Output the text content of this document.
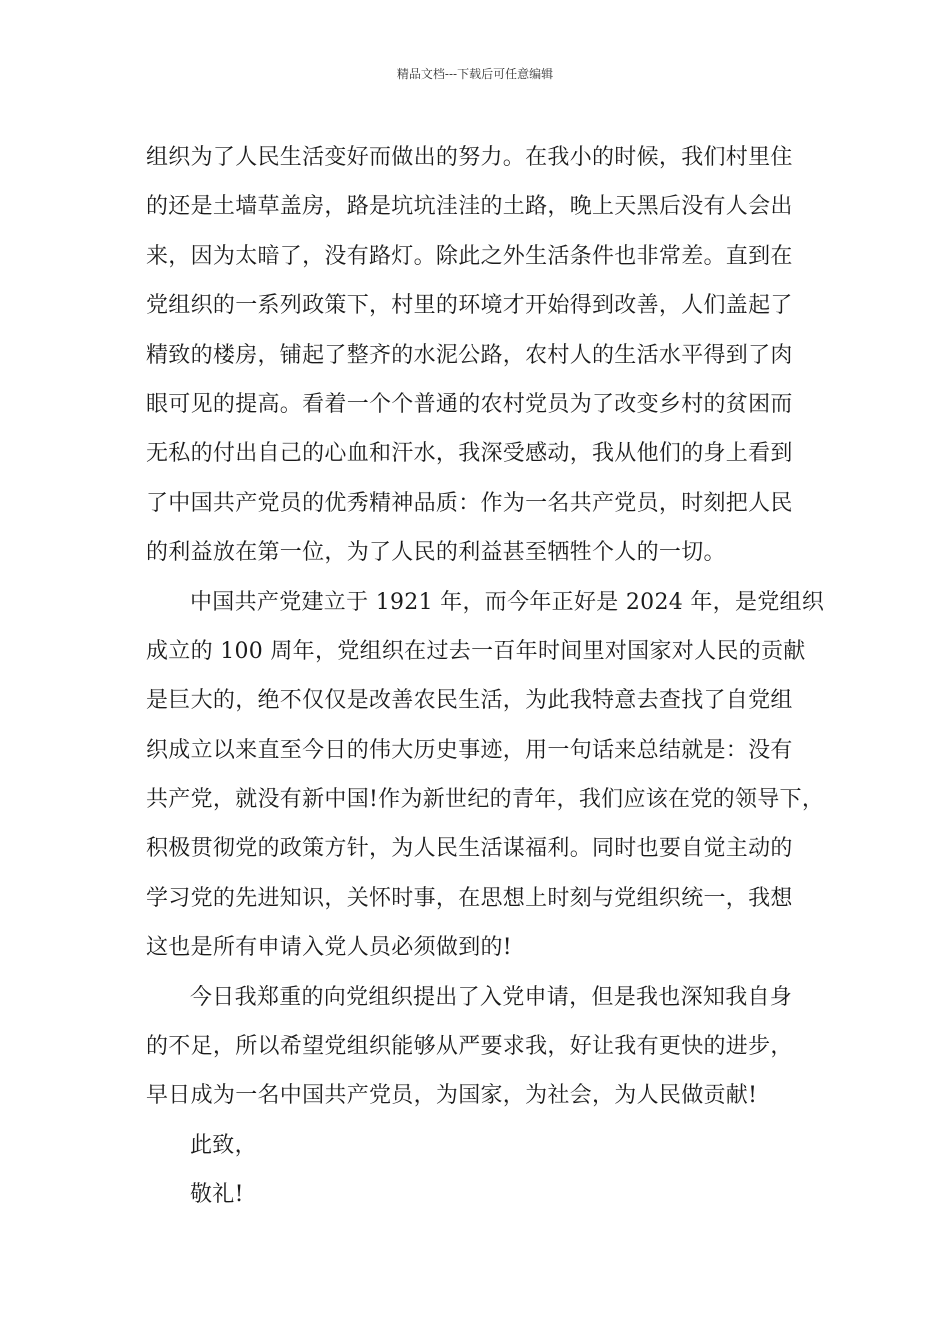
精品文档---下载后可任意编辑
组织为了人民生活变好而做出的努力。在我小的时候，我们村里住
的还是土墙草盖房，路是坑坑洼洼的土路，晚上天黑后没有人会出
来，因为太暗了，没有路灯。除此之外生活条件也非常差。直到在
党组织的一系列政策下，村里的环境才开始得到改善，人们盖起了
精致的楼房，铺起了整齐的水泥公路，农村人的生活水平得到了肉
眼可见的提高。看着一个个普通的农村党员为了改变乡村的贫困而
无私的付出自己的心血和汗水，我深受感动，我从他们的身上看到
了中国共产党员的优秀精神品质：作为一名共产党员，时刻把人民
的利益放在第一位，为了人民的利益甚至牺牲个人的一切。
中国共产党建立于 1921 年，而今年正好是 2024 年，是党组织
成立的 100 周年，党组织在过去一百年时间里对国家对人民的贡献
是巨大的，绝不仅仅是改善农民生活，为此我特意去查找了自党组
织成立以来直至今日的伟大历史事迹，用一句话来总结就是：没有
共产党，就没有新中国!作为新世纪的青年，我们应该在党的领导下，
积极贯彻党的政策方针，为人民生活谋福利。同时也要自觉主动的
学习党的先进知识，关怀时事，在思想上时刻与党组织统一，我想
这也是所有申请入党人员必须做到的!
今日我郑重的向党组织提出了入党申请，但是我也深知我自身
的不足，所以希望党组织能够从严要求我，好让我有更快的进步，
早日成为一名中国共产党员，为国家，为社会，为人民做贡献!
此致，
敬礼!
